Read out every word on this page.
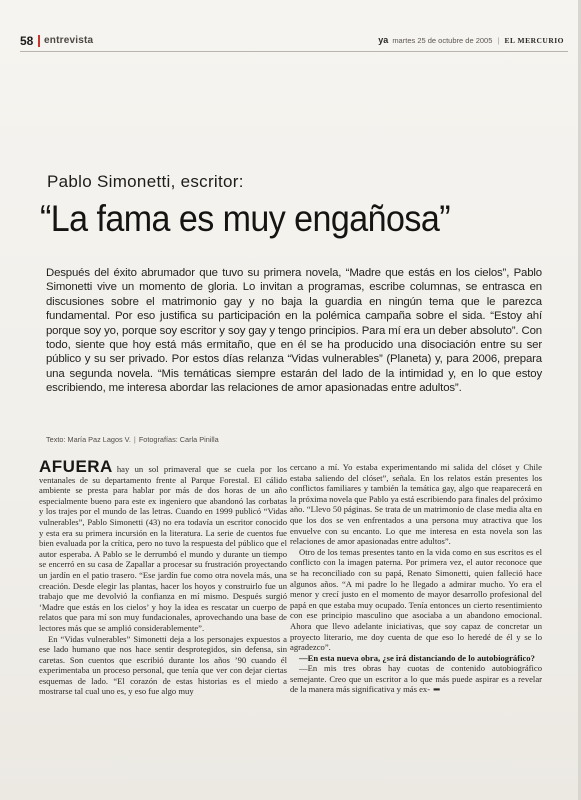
58 entrevista	ya martes 25 de octubre de 2005 | EL MERCURIO
Pablo Simonetti, escritor:
“La fama es muy engañosa”
Después del éxito abrumador que tuvo su primera novela, “Madre que estás en los cielos”, Pablo Simonetti vive un momento de gloria. Lo invitan a programas, escribe columnas, se entrasca en discusiones sobre el matrimonio gay y no baja la guardia en ningún tema que le parezca fundamental. Por eso justifica su participación en la polémica campaña sobre el sida. “Estoy ahí porque soy yo, porque soy escritor y soy gay y tengo principios. Para mí era un deber absoluto”. Con todo, siente que hoy está más ermitaño, que en él se ha producido una disociación entre su ser público y su ser privado. Por estos días relanza “Vidas vulnerables” (Planeta) y, para 2006, prepara una segunda novela. “Mis temáticas siempre estarán del lado de la intimidad y, en lo que estoy escribiendo, me interesa abordar las relaciones de amor apasionadas entre adultos”.
Texto: María Paz Lagos V. | Fotografías: Carla Pinilla

AFUERA hay un sol primaveral que se cuela por los ventanales de su departamento frente al Parque Forestal. El cálido ambiente se presta para hablar por más de dos horas de un año especialmente bueno para este ex ingeniero que abandonó las corbatas y los trajes por el mundo de las letras. Cuando en 1999 publicó “Vidas vulnerables”, Pablo Simonetti (43) no era todavía un escritor conocido y esta era su primera incursión en la literatura. La serie de cuentos fue bien evaluada por la crítica, pero no tuvo la respuesta del público que el autor esperaba. A Pablo se le derrumbó el mundo y durante un tiempo se encerró en su casa de Zapallar a procesar su frustración proyectando un jardín en el patio trasero. “Ese jardín fue como otra novela más, una creación. Desde elegir las plantas, hacer los hoyos y construirlo fue un trabajo que me devolvió la confianza en mí mismo. Después surgió ‘Madre que estás en los cielos’ y hoy la idea es rescatar un cuerpo de relatos que para mí son muy fundacionales, aprovechando una base de lectores más que se amplió considerablemente”.

En “Vidas vulnerables” Simonetti deja a los personajes expuestos a ese lado humano que nos hace sentir desprotegidos, sin defensa, sin caretas. Son cuentos que escribió durante los años ’90 cuando él experimentaba un proceso personal, que tenía que ver con dejar ciertas esquemas de lado. “El corazón de estas historias es el miedo a mostrarse tal cual uno es, y eso fue algo muy

cercano a mí. Yo estaba experimentando mi salida del clóset y Chile estaba saliendo del clóset”, señala. En los relatos están presentes los conflictos familiares y también la temática gay, algo que reaparecerá en la próxima novela que Pablo ya está escribiendo para finales del próximo año. “Llevo 50 páginas. Se trata de un matrimonio de clase media alta en que los dos se ven enfrentados a una persona muy atractiva que los envuelve con su encanto. Lo que me interesa en esta novela son las relaciones de amor apasionadas entre adultos”.

Otro de los temas presentes tanto en la vida como en sus escritos es el conflicto con la imagen paterna. Por primera vez, el autor reconoce que se ha reconciliado con su papá, Renato Simonetti, quien falleció hace algunos años. “A mi padre lo he llegado a admirar mucho. Yo era el menor y crecí justo en el momento de mayor desarrollo profesional del papá en que estaba muy ocupado. Tenía entonces un cierto resentimiento con ese principio masculino que asociaba a un abandono emocional. Ahora que llevo adelante iniciativas, que soy capaz de concretar un proyecto literario, me doy cuenta de que eso lo heredé de él y se lo agradezco”.

—En esta nueva obra, ¿se irá distanciando de lo autobiográfico?

—En mis tres obras hay cuotas de contenido autobiográfico semejante. Creo que un escritor a lo que más puede aspirar es a revelar de la manera más significativa y más ex- ▪▪▪
